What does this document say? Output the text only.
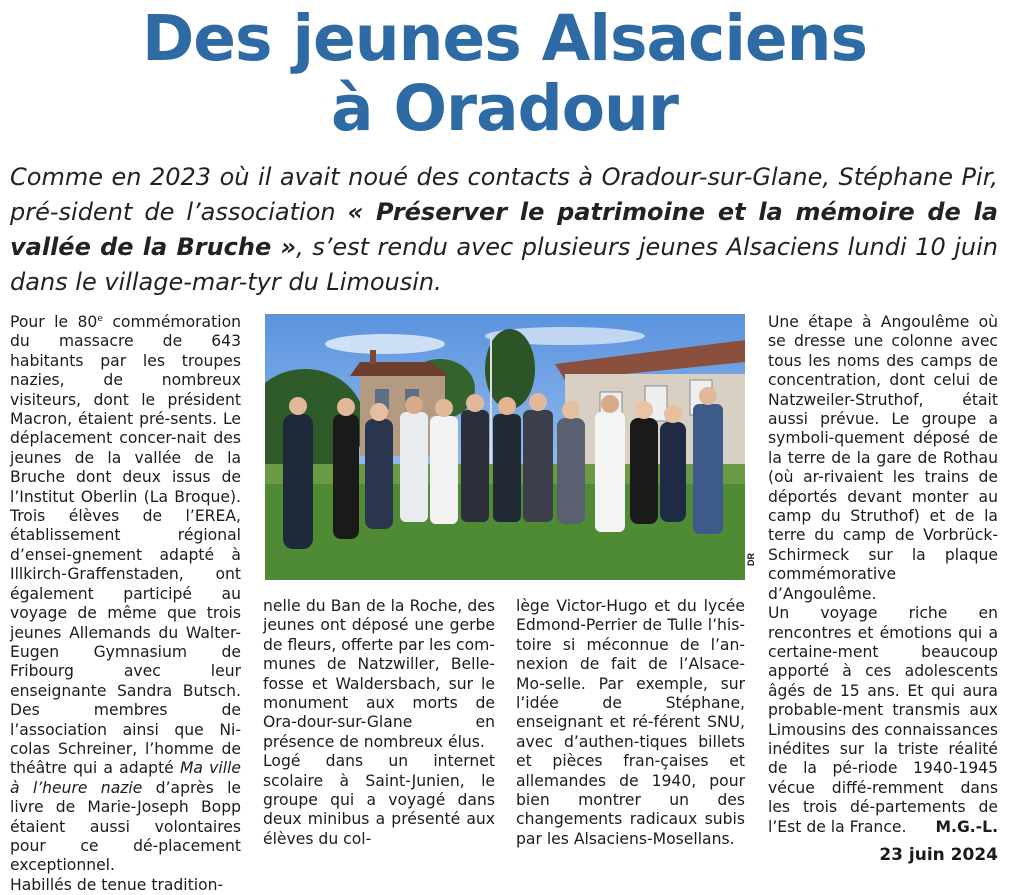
Des jeunes Alsaciens
à Oradour
Comme en 2023 où il avait noué des contacts à Oradour-sur-Glane, Stéphane Pir, pré-sident de l’association « Préserver le patrimoine et la mémoire de la vallée de la Bruche », s’est rendu avec plusieurs jeunes Alsaciens lundi 10 juin dans le village-mar-tyr du Limousin.

Pour le 80e commémoration du massacre de 643 habitants par les troupes nazies, de nombreux visiteurs, dont le président Macron, étaient pré-sents. Le déplacement concer-nait des jeunes de la vallée de la Bruche dont deux issus de l’Institut Oberlin (La Broque). Trois élèves de l’EREA, établissement régional d’ensei-gnement adapté à Illkirch-Graffenstaden, ont également participé au voyage de même que trois jeunes Allemands du Walter-Eugen Gymnasium de Fribourg avec leur enseignante Sandra Butsch. Des membres de l’association ainsi que Ni-colas Schreiner, l’homme de théâtre qui a adapté Ma ville à l’heure nazie d’après le livre de Marie-Joseph Bopp étaient aussi volontaires pour ce dé-placement exceptionnel.

Habillés de tenue tradition-

DR

nelle du Ban de la Roche, des jeunes ont déposé une gerbe de fleurs, offerte par les com-munes de Natzwiller, Belle-fosse et Waldersbach, sur le monument aux morts de Ora-dour-sur-Glane en présence de nombreux élus.

Logé dans un internet scolaire à Saint-Junien, le groupe qui a voyagé dans deux minibus a présenté aux élèves du col-

lège Victor-Hugo et du lycée Edmond-Perrier de Tulle l’his-toire si méconnue de l’an-nexion de fait de l’Alsace-Mo-selle. Par exemple, sur l’idée de Stéphane, enseignant et ré-férent SNU, avec d’authen-tiques billets et pièces fran-çaises et allemandes de 1940, pour bien montrer un des changements radicaux subis par les Alsaciens-Mosellans.

Une étape à Angoulême où se dresse une colonne avec tous les noms des camps de concentration, dont celui de Natzweiler-Struthof, était aussi prévue. Le groupe a symboli-quement déposé de la terre de la gare de Rothau (où ar-rivaient les trains de déportés devant monter au camp du Struthof) et de la terre du camp de Vorbrück-Schirmeck sur la plaque commémorative d’Angoulême.

Un voyage riche en rencontres et émotions qui a certaine-ment beaucoup apporté à ces adolescents âgés de 15 ans. Et qui aura probable-ment transmis aux Limousins des connaissances inédites sur la triste réalité de la pé-riode 1940-1945 vécue diffé-remment dans les trois dé-partements de l’Est de la France.	M.G.-L.
23 juin 2024
